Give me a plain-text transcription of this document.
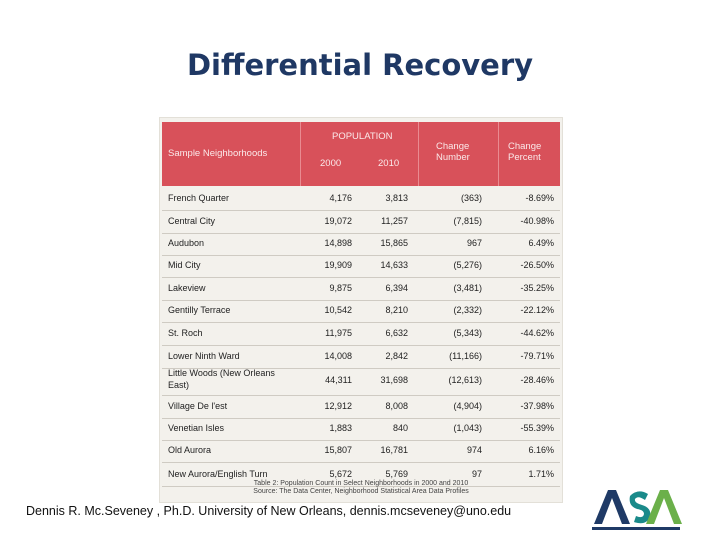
Differential Recovery
Sample Neighborhoods
POPULATION
2000	2010
Change
Number
Change
Percent
French Quarter	4,176	3,813	(363)	-8.69%
Central City	19,072	11,257	(7,815)	-40.98%
Audubon	14,898	15,865	967	6.49%
Mid City	19,909	14,633	(5,276)	-26.50%
Lakeview	9,875	6,394	(3,481)	-35.25%
Gentilly Terrace	10,542	8,210	(2,332)	-22.12%
St. Roch	11,975	6,632	(5,343)	-44.62%
Lower Ninth Ward	14,008	2,842	(11,166)	-79.71%
Little Woods (New Orleans
East)	44,311	31,698	(12,613)	-28.46%
Village De l'est	12,912	8,008	(4,904)	-37.98%
Venetian Isles	1,883	840	(1,043)	-55.39%
Old Aurora	15,807	16,781	974	6.16%
New Aurora/English Turn	5,672	5,769	97	1.71%
Table 2: Population Count in Select Neighborhoods in 2000 and 2010
Source: The Data Center, Neighborhood Statistical Area Data Profiles
Dennis R. Mc.Seveney , Ph.D. University of New Orleans, dennis.mcseveney@uno.edu
